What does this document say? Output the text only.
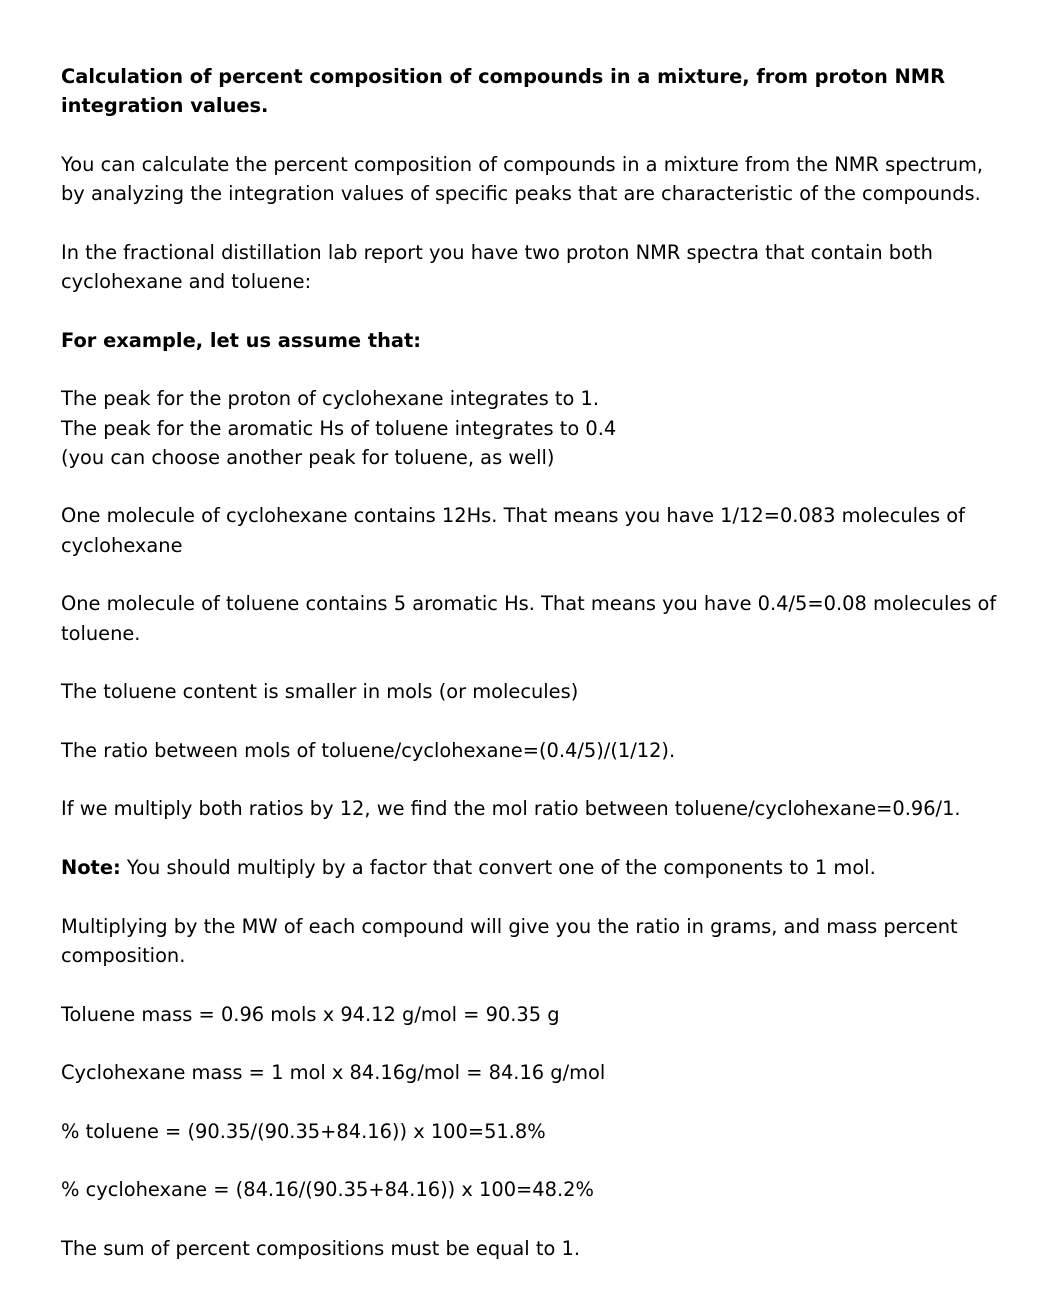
Calculation of percent composition of compounds in a mixture, from proton NMR integration values.

You can calculate the percent composition of compounds in a mixture from the NMR spectrum, by analyzing the integration values of specific peaks that are characteristic of the compounds.

In the fractional distillation lab report you have two proton NMR spectra that contain both cyclohexane and toluene:

For example, let us assume that:

The peak for the proton of cyclohexane integrates to 1.
The peak for the aromatic Hs of toluene integrates to 0.4
(you can choose another peak for toluene, as well)

One molecule of cyclohexane contains 12Hs. That means you have 1/12=0.083 molecules of cyclohexane

One molecule of toluene contains 5 aromatic Hs. That means you have 0.4/5=0.08 molecules of toluene.

The toluene content is smaller in mols (or molecules)

The ratio between mols of toluene/cyclohexane=(0.4/5)/(1/12).

If we multiply both ratios by 12, we find the mol ratio between toluene/cyclohexane=0.96/1.

Note: You should multiply by a factor that convert one of the components to 1 mol.

Multiplying by the MW of each compound will give you the ratio in grams, and mass percent composition.

Toluene mass = 0.96 mols x 94.12 g/mol = 90.35 g

Cyclohexane mass = 1 mol x 84.16g/mol = 84.16 g/mol

% toluene = (90.35/(90.35+84.16)) x 100=51.8%

% cyclohexane = (84.16/(90.35+84.16)) x 100=48.2%

The sum of percent compositions must be equal to 1.
